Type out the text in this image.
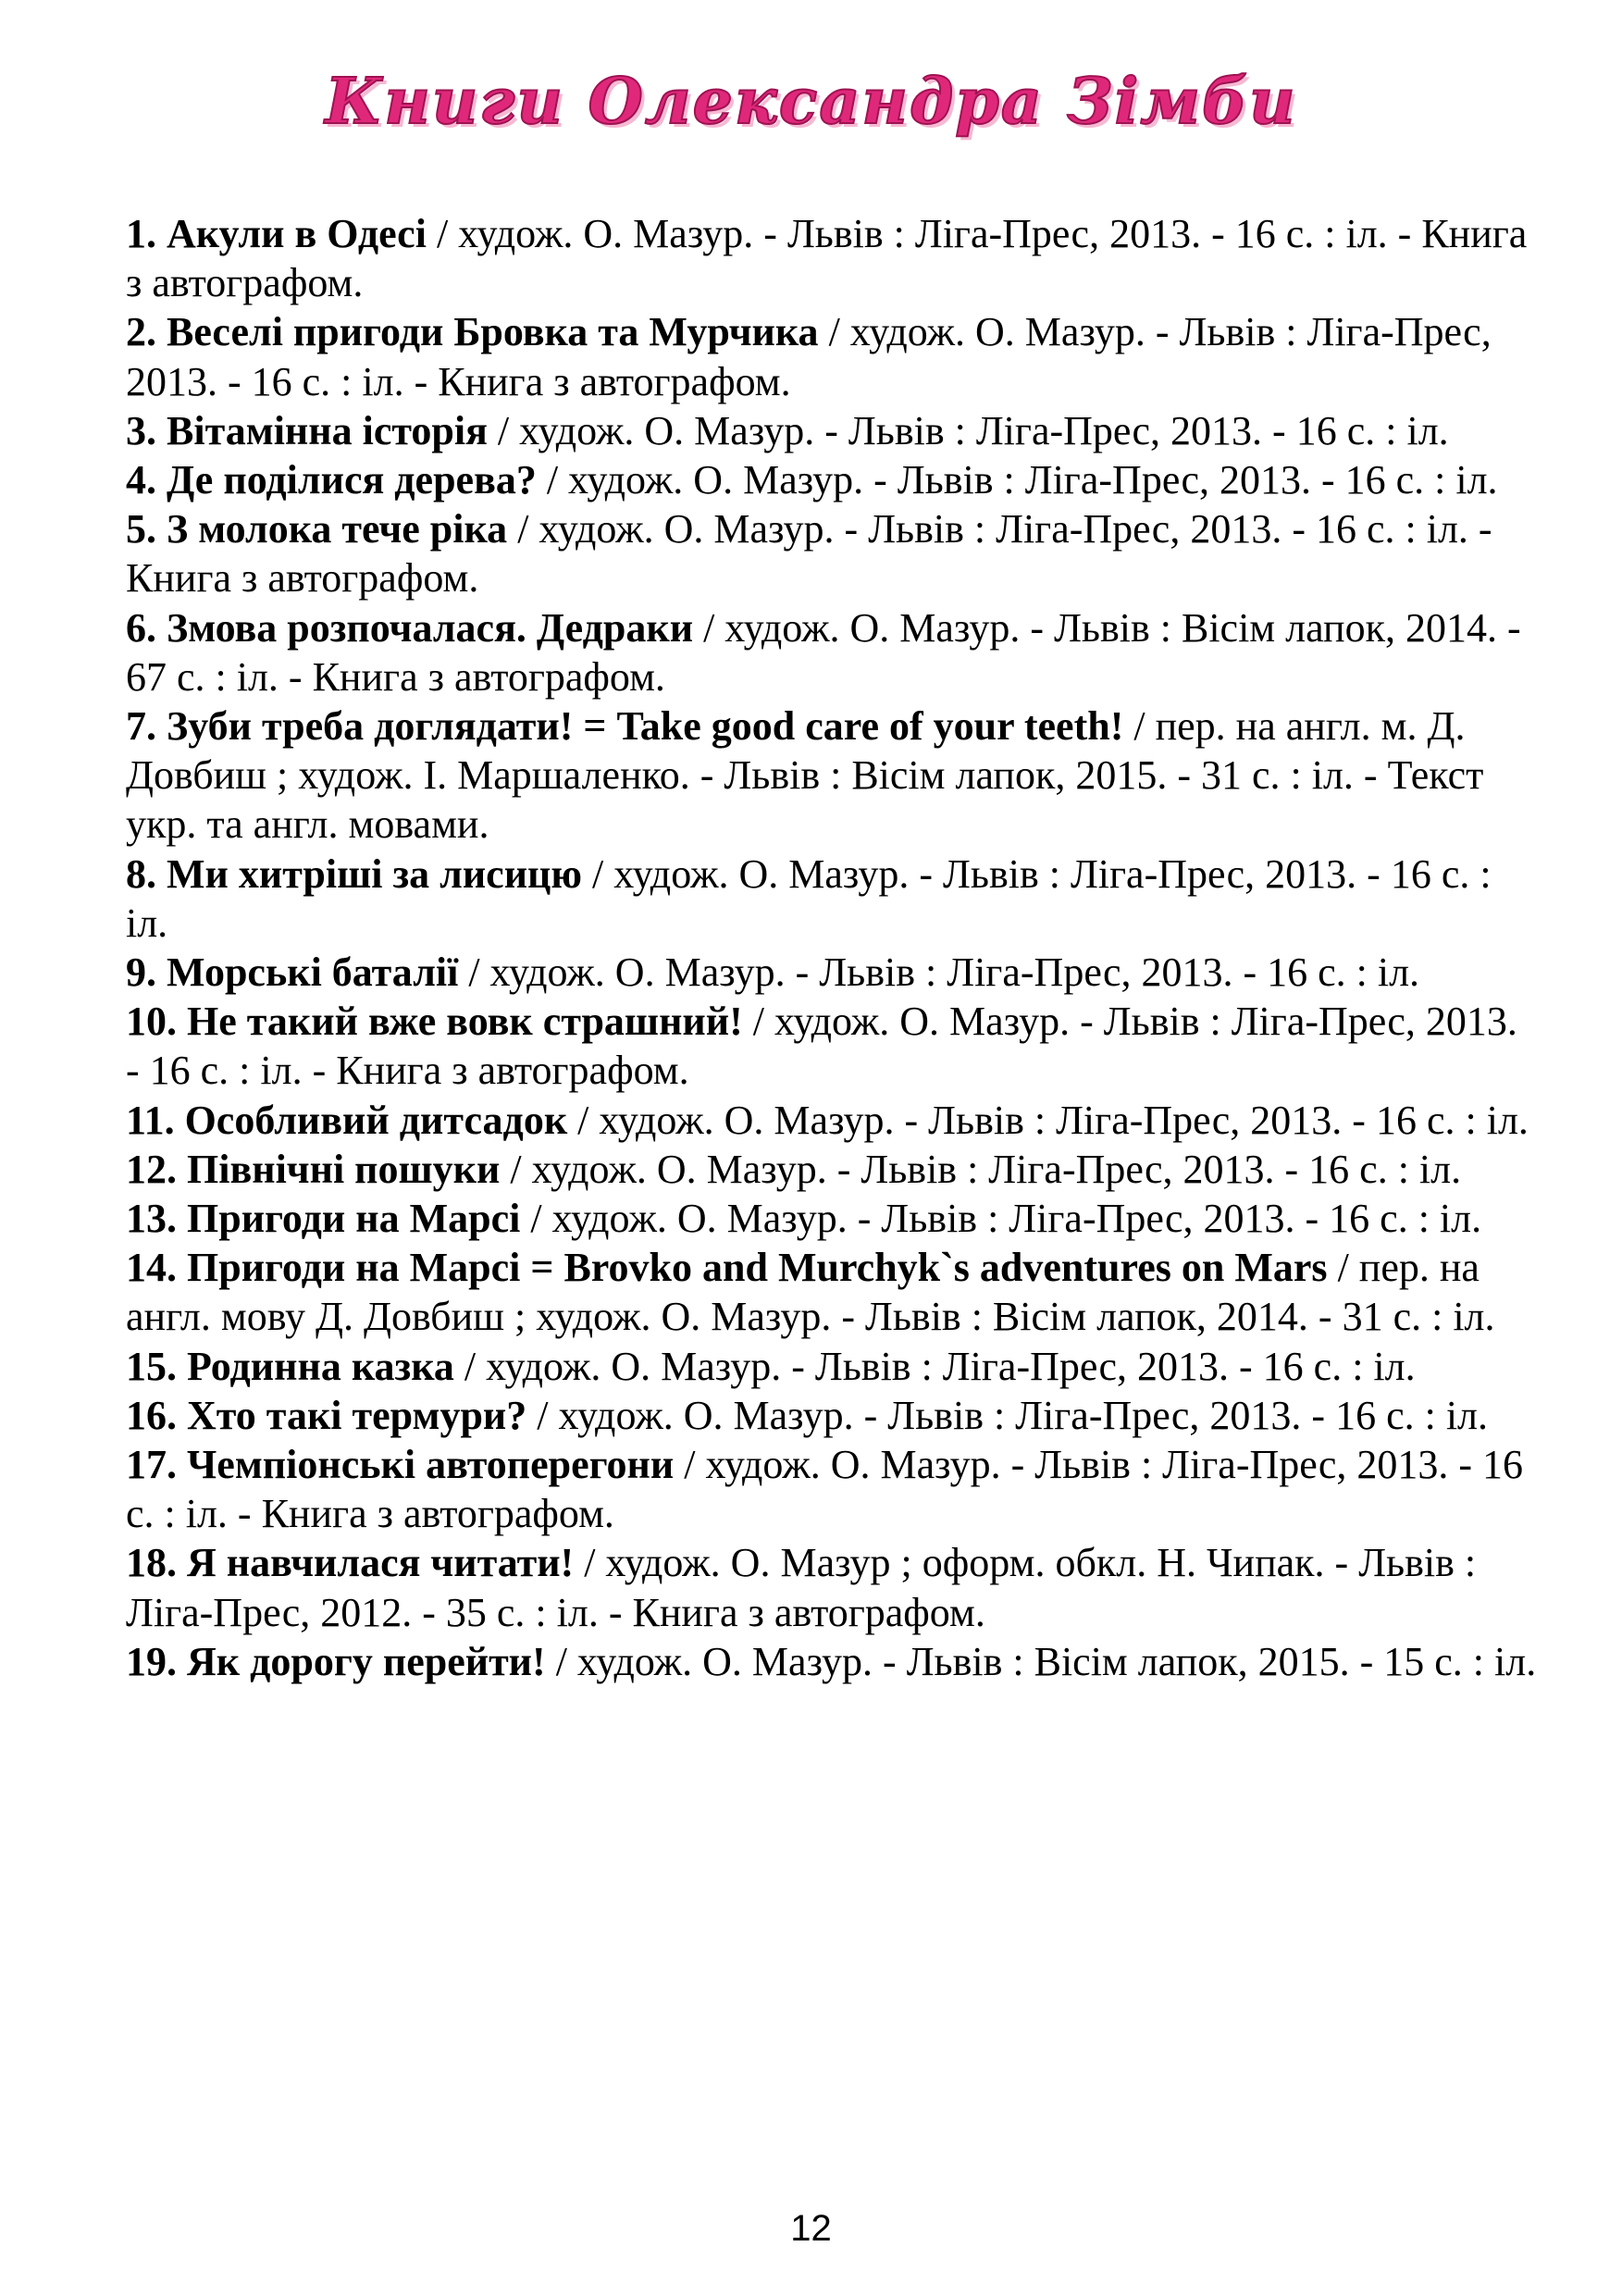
Книги Олександра Зімби

1. Акули в Одесі / худож. О. Мазур. - Львів : Ліга-Прес, 2013. - 16 с. : іл. - Книга з автографом.

2. Веселі пригоди Бровка та Мурчика / худож. О. Мазур. - Львів : Ліга-Прес, 2013. - 16 с. : іл. - Книга з автографом.

3. Вітамінна історія / худож. О. Мазур. - Львів : Ліга-Прес, 2013. - 16 с. : іл.

4. Де поділися дерева? / худож. О. Мазур. - Львів : Ліга-Прес, 2013. - 16 с. : іл.

5. З молока тече ріка / худож. О. Мазур. - Львів : Ліга-Прес, 2013. - 16 с. : іл. - Книга з автографом.

6. Змова розпочалася. Дедраки / худож. О. Мазур. - Львів : Вісім лапок, 2014. - 67 с. : іл. - Книга з автографом.

7. Зуби треба доглядати! = Take good care of your teeth! / пер. на англ. м. Д. Довбиш ; худож. І. Маршаленко. - Львів : Вісім лапок, 2015. - 31 с. : іл. - Текст укр. та англ. мовами.

8. Ми хитріші за лисицю / худож. О. Мазур. - Львів : Ліга-Прес, 2013. - 16 с. : іл.

9. Морські баталії / худож. О. Мазур. - Львів : Ліга-Прес, 2013. - 16 с. : іл.

10. Не такий вже вовк страшний! / худож. О. Мазур. - Львів : Ліга-Прес, 2013. - 16 с. : іл. - Книга з автографом.

11. Особливий дитсадок / худож. О. Мазур. - Львів : Ліга-Прес, 2013. - 16 с. : іл.

12. Північні пошуки / худож. О. Мазур. - Львів : Ліга-Прес, 2013. - 16 с. : іл.

13. Пригоди на Марсі / худож. О. Мазур. - Львів : Ліга-Прес, 2013. - 16 с. : іл.

14. Пригоди на Марсі = Brovko and Murchyk`s adventures on Mars / пер. на англ. мову Д. Довбиш ; худож. О. Мазур. - Львів : Вісім лапок, 2014. - 31 с. : іл.

15. Родинна казка / худож. О. Мазур. - Львів : Ліга-Прес, 2013. - 16 с. : іл.

16. Хто такі термури? / худож. О. Мазур. - Львів : Ліга-Прес, 2013. - 16 с. : іл.

17. Чемпіонські автоперегони / худож. О. Мазур. - Львів : Ліга-Прес, 2013. - 16 с. : іл. - Книга з автографом.

18. Я навчилася читати! / худож. О. Мазур ; оформ. обкл. Н. Чипак. - Львів : Ліга-Прес, 2012. - 35 с. : іл. - Книга з автографом.

19. Як дорогу перейти! / худож. О. Мазур. - Львів : Вісім лапок, 2015. - 15 с. : іл.

12
